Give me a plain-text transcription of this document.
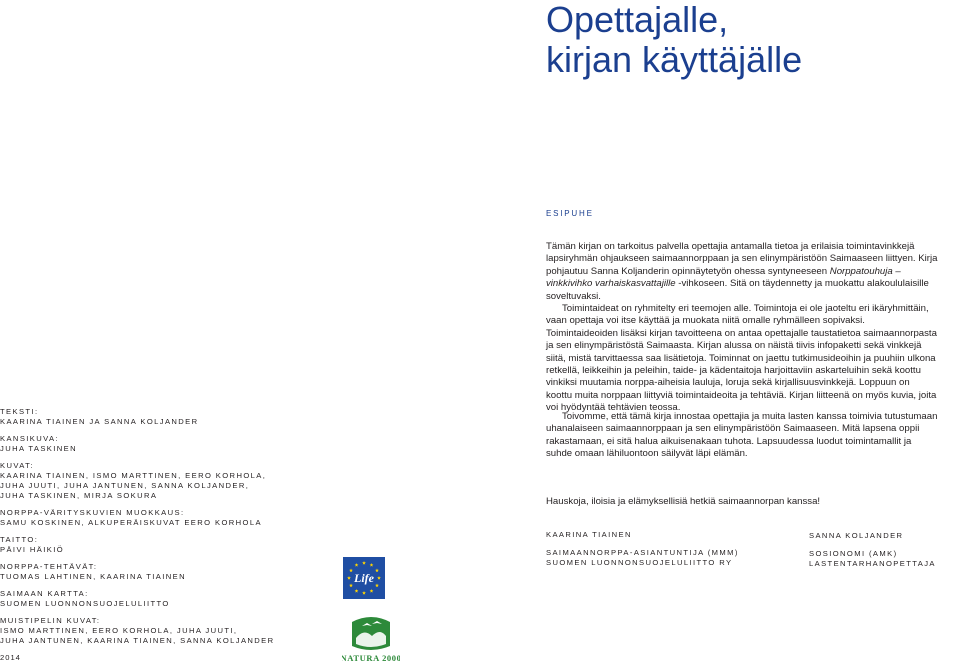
Opettajalle,
kirjan käyttäjälle
ESIPUHE

Tämän kirjan on tarkoitus palvella opettajia antamalla tietoa ja erilaisia toimintavinkkejä lapsiryhmän ohjaukseen saimaannorppaan ja sen elinympäristöön Saimaaseen liittyen. Kirja pohjautuu Sanna Koljanderin opinnäytetyön ohessa syntyneeseen Norppatouhuja – vinkkivihko varhaiskasvattajille -vihkoseen. Sitä on täydennetty ja muokattu alakoululaisille soveltuvaksi.

Toimintaideat on ryhmitelty eri teemojen alle. Toimintoja ei ole jaoteltu eri ikäryhmittäin, vaan opettaja voi itse käyttää ja muokata niitä omalle ryhmälleen sopivaksi. Toimintaideoiden lisäksi kirjan tavoitteena on antaa opettajalle taustatietoa saimaannorpasta ja sen elinympäristöstä Saimaasta. Kirjan alussa on näistä tiivis infopaketti sekä vinkkejä siitä, mistä tarvittaessa saa lisätietoja. Toiminnat on jaettu tutkimusideoihin ja puuhiin ulkona retkellä, leikkeihin ja peleihin, taide- ja kädentaitoja harjoittaviin askarteluihin sekä koottu vinkiksi muutamia norppa-aiheisia lauluja, loruja sekä kirjallisuusvinkkejä. Loppuun on koottu muita norppaan liittyviä toimintaideoita ja tehtäviä. Kirjan liitteenä on myös kuvia, joita voi hyödyntää tehtävien teossa.

Toivomme, että tämä kirja innostaa opettajia ja muita lasten kanssa toimivia tutustumaan uhanalaiseen saimaannorppaan ja sen elinympäristöön Saimaaseen. Mitä lapsena oppii rakastamaan, ei sitä halua aikuisenakaan tuhota. Lapsuudessa luodut toimintamallit ja suhde omaan lähiluontoon säilyvät läpi elämän.

Hauskoja, iloisia ja elämyksellisiä hetkiä saimaannorpan kanssa!

KAARINA TIAINEN
SAIMAANNORPPA-ASIANTUNTIJA (MMM)
SUOMEN LUONNONSUOJELULIITTO RY
SANNA KOLJANDER
SOSIONOMI (AMK)
LASTENTARHANOPETTAJA
TEKSTI:
KAARINA TIAINEN JA SANNA KOLJANDER
KANSIKUVA:
JUHA TASKINEN
KUVAT:
KAARINA TIAINEN, ISMO MARTTINEN, EERO KORHOLA,
JUHA JUUTI, JUHA JANTUNEN, SANNA KOLJANDER,
JUHA TASKINEN, MIRJA SOKURA
NORPPA-VÄRITYSKUVIEN MUOKKAUS:
SAMU KOSKINEN, ALKUPERÄISKUVAT EERO KORHOLA
TAITTO:
PÄIVI HÄIKIÖ
NORPPA-TEHTÄVÄT:
TUOMAS LAHTINEN, KAARINA TIAINEN
SAIMAAN KARTTA:
SUOMEN LUONNONSUOJELULIITTO
MUISTIPELIN KUVAT:
ISMO MARTTINEN, EERO KORHOLA, JUHA JUUTI,
JUHA JANTUNEN, KAARINA TIAINEN, SANNA KOLJANDER
2014
Life
NATURA 2000
